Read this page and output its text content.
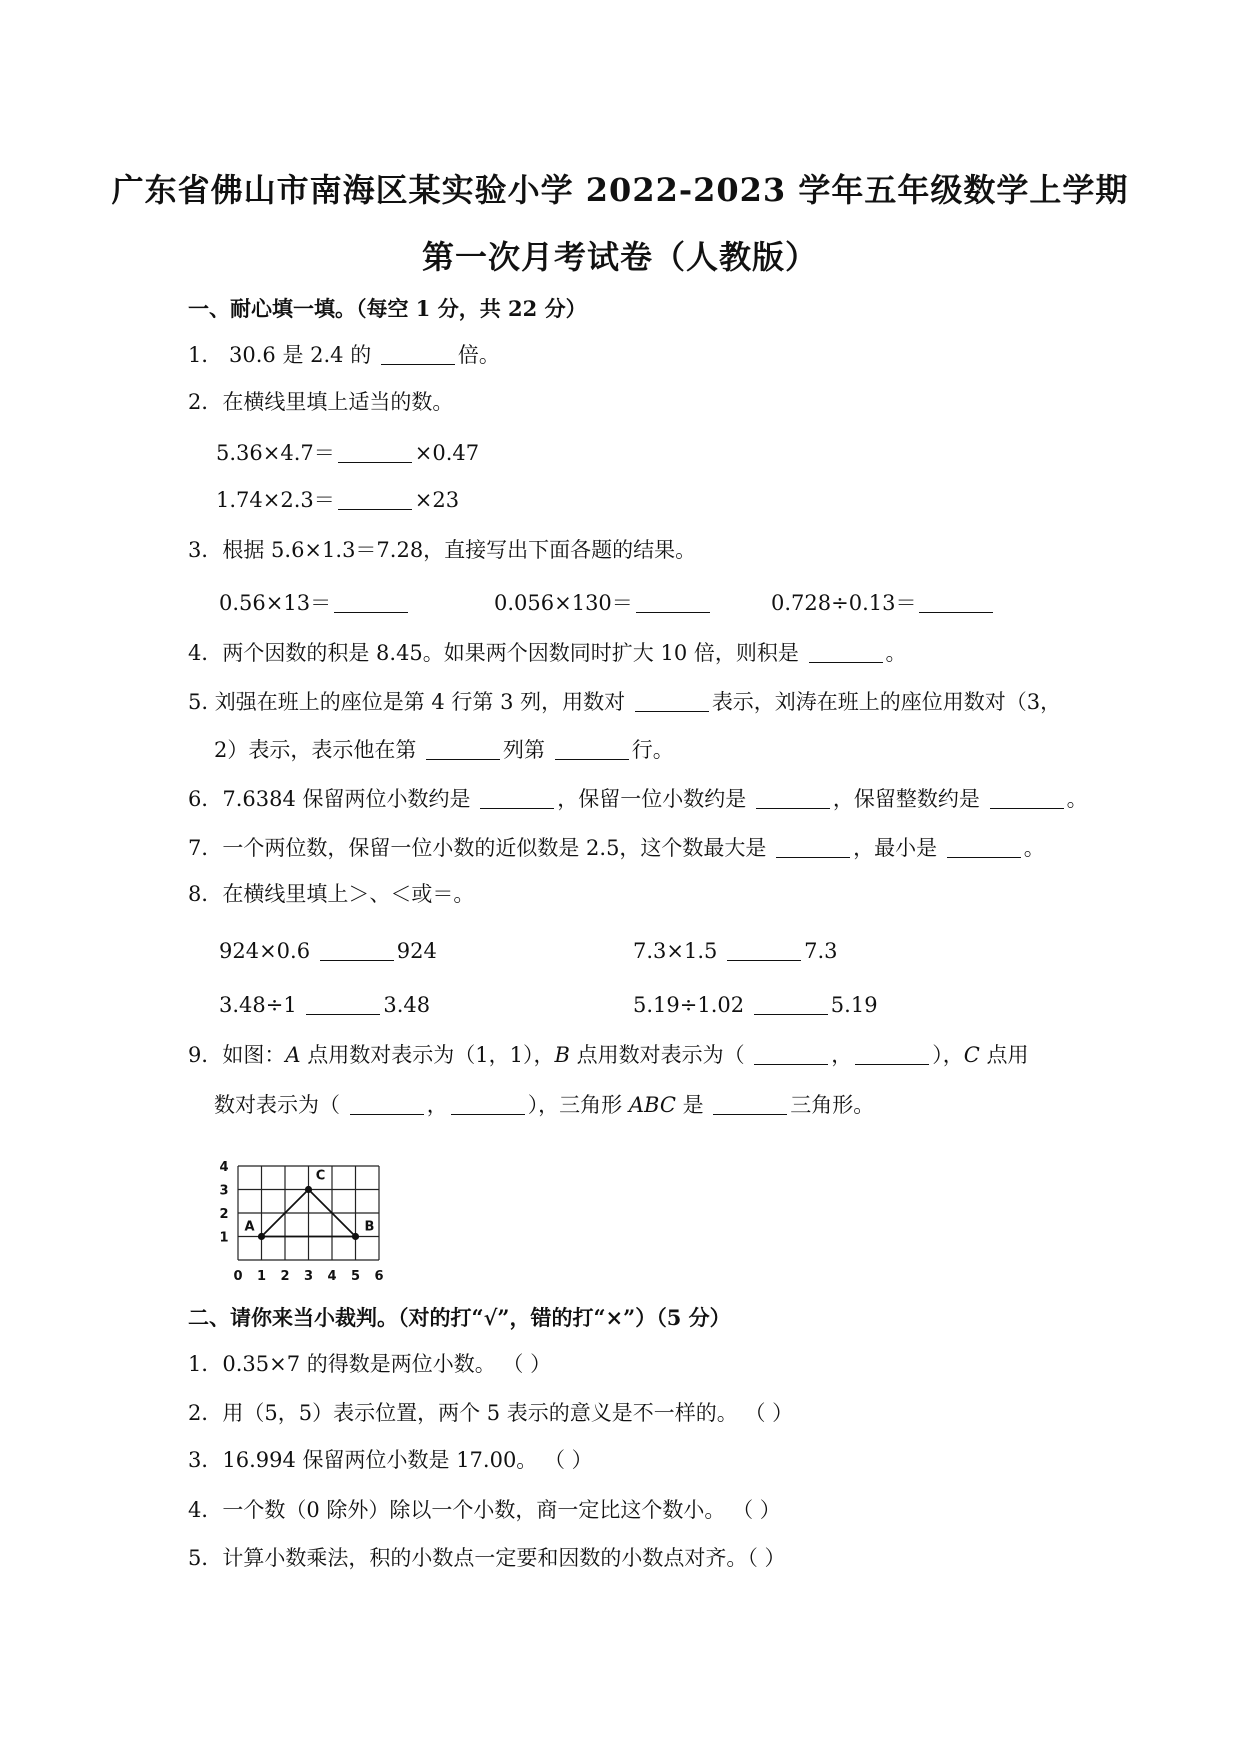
广东省佛山市南海区某实验小学 2022-2023 学年五年级数学上学期
第一次月考试卷（人教版）
一、耐心填一填。（每空 1 分，共 22 分）
1． 30.6 是 2.4 的	倍。
2．在横线里填上适当的数。
5.36×4.7＝	×0.47
1.74×2.3＝	×23
3．根据 5.6×1.3＝7.28，直接写出下面各题的结果。
0.56×13＝	0.056×130＝	0.728÷0.13＝
4．两个因数的积是 8.45。如果两个因数同时扩大 10 倍，则积是	。
5. 刘强在班上的座位是第 4 行第 3 列，用数对	表示，刘涛在班上的座位用数对（3，
2）表示，表示他在第	列第	行。
6．7.6384 保留两位小数约是	，保留一位小数约是	，保留整数约是	。
7．一个两位数，保留一位小数的近似数是 2.5，这个数最大是	，最小是	。
8．在横线里填上＞、＜或＝。
924×0.6	924	7.3×1.5	7.3
3.48÷1	3.48	5.19÷1.02	5.19
9．如图：A 点用数对表示为（1，1），B 点用数对表示为（	，	），C 点用
数对表示为（	，	），三角形 ABC 是	三角形。
0 1 2 3 4 5 6
1
2
3
4
A	B
C
二、请你来当小裁判。（对的打“√”，错的打“×”）（5 分）
1．0.35×7 的得数是两位小数。 （ ）
2．用（5，5）表示位置，两个 5 表示的意义是不一样的。 （ ）
3．16.994 保留两位小数是 17.00。 （ ）
4．一个数（0 除外）除以一个小数，商一定比这个数小。 （ ）
5．计算小数乘法，积的小数点一定要和因数的小数点对齐。（ ）
